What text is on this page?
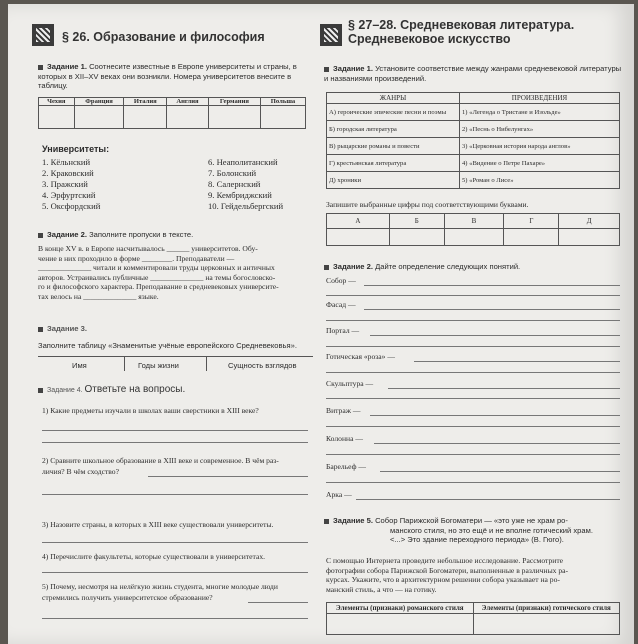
§ 26. Образование и философия
Задание 1. Соотнесите известные в Европе университеты и страны, в которых в XII–XV веках они возникли. Номера университетов внесите в таблицу.
Чехия	Франция	Италия	Англия	Германия	Польша

Университеты:
1. Кёльнский
2. Краковский
3. Пражский
4. Эрфуртский
5. Оксфордский
6. Неаполитанский
7. Болонский
8. Салернский
9. Кембриджский
10. Гейдельбергский
Задание 2. Заполните пропуски в тексте.
В конце XV в. в Европе насчитывалось ______ университетов. Обу-
чение в них проходило в форме ________. Преподаватели —
______________ читали и комментировали труды церковных и античных
авторов. Устраивались публичные ______________ на темы богословско-
го и философского характера. Преподавание в средневековых университе-
тах велось на ______________ языке.
Задание 3.
Заполните таблицу «Знаменитые учёные европейского Средневековья».
Имя	Годы жизни	Сущность взглядов
Задание 4. Ответьте на вопросы.
1) Какие предметы изучали в школах ваши сверстники в XIII веке?
2) Сравните школьное образование в XIII веке и современное. В чём раз-
личия? В чём сходство?
3) Назовите страны, в которых в XIII веке существовали университеты.
4) Перечислите факультеты, которые существовали в университетах.
5) Почему, несмотря на нелёгкую жизнь студента, многие молодые люди
стремились получить университетское образование?
§ 27–28. Средневековая литература.
Средневековое искусство
Задание 1. Установите соответствие между жанрами средневековой литературы и названиями произведений.
ЖАНРЫ	ПРОИЗВЕДЕНИЯ
А) героические эпические песни и поэмы	1) «Легенда о Тристане и Изольде»
Б) городская литература	2) «Песнь о Нибелунгах»
В) рыцарские романы и повести	3) «Церковная история народа англов»
Г) крестьянская литература	4) «Видение о Петре Пахаре»
Д) хроники	5) «Роман о Лисе»
Запишите выбранные цифры под соответствующими буквами.
А	Б	В	Г	Д

Задание 2. Дайте определение следующих понятий.
Собор —
Фасад —
Портал —
Готическая «роза» —
Скульптура —
Витраж —
Колонна —
Барельеф —
Арка —
Задание 5. Собор Парижской Богоматери — «это уже не храм ро-
манского стиля, но это ещё и не вполне готический храм.
<...> Это здание переходного периода» (В. Гюго).
С помощью Интернета проведите небольшое исследование. Рассмотрите
фотографии собора Парижской Богоматери, выполненные в различных ра-
курсах. Укажите, что в архитектурном решении собора указывает на ро-
манский стиль, а что — на готику.
Элементы (признаки) романского стиля	Элементы (признаки) готического стиля
